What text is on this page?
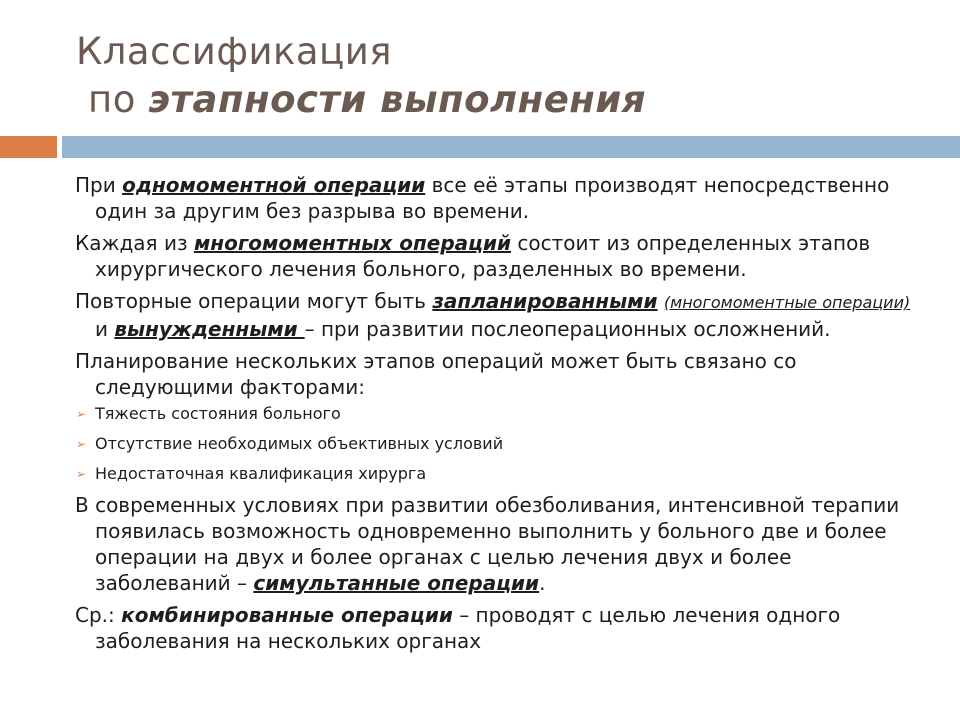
Классификация
по этапности выполнения
При одномоментной операции все её этапы производят непосредственно один за другим без разрыва во времени.
Каждая из многомоментных операций состоит из определенных этапов хирургического лечения больного, разделенных во времени.
Повторные операции могут быть запланированными (многомоментные операции) и вынужденными – при развитии послеоперационных осложнений.
Планирование нескольких этапов операций может быть связано со следующими факторами:
➢ Тяжесть состояния больного
➢ Отсутствие необходимых объективных условий
➢ Недостаточная квалификация хирурга
В современных условиях при развитии обезболивания, интенсивной терапии появилась возможность одновременно выполнить у больного две и более операции на двух и более органах с целью лечения двух и более заболеваний – симультанные операции.
Ср.: комбинированные операции – проводят с целью лечения одного заболевания на нескольких органах
